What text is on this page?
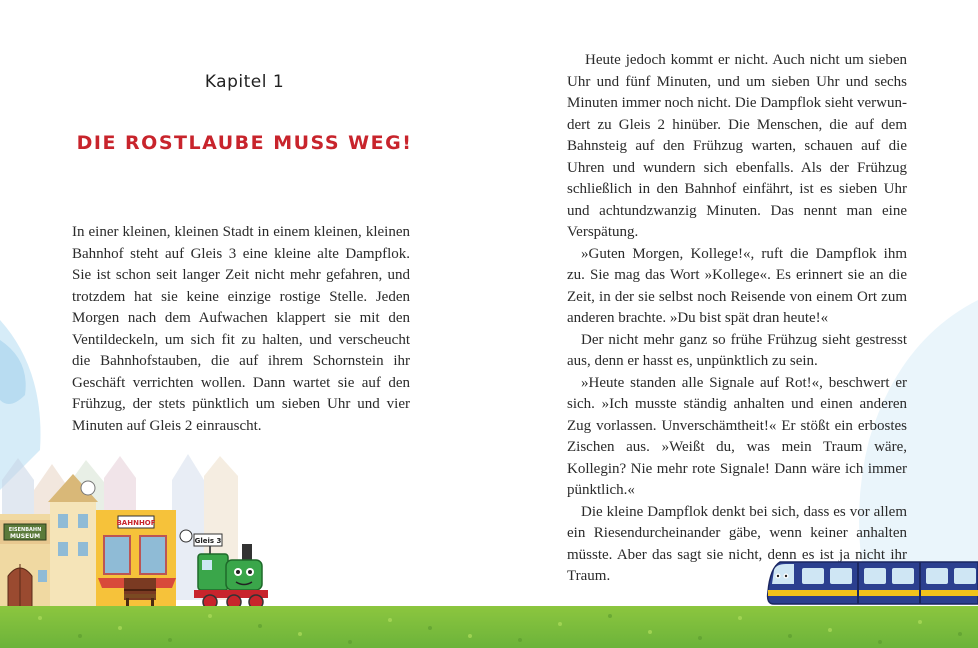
Kapitel 1
DIE ROSTLAUBE MUSS WEG!

In einer kleinen, kleinen Stadt in einem kleinen, kleinen Bahnhof steht auf Gleis 3 eine kleine alte Dampflok. Sie ist schon seit langer Zeit nicht mehr gefahren, und trotzdem hat sie keine einzige rostige Stelle. Jeden Morgen nach dem Aufwachen klappert sie mit den Ventildeckeln, um sich fit zu halten, und verscheucht die Bahnhofstauben, die auf ihrem Schornstein ihr Geschäft verrichten wollen. Dann wartet sie auf den Frühzug, der stets pünktlich um sieben Uhr und vier Minuten auf Gleis 2 einrauscht.

EISENBAHN
MUSEUM
BAHNHOF
Gleis 3

Heute jedoch kommt er nicht. Auch nicht um sieben Uhr und fünf Minuten, und um sieben Uhr und sechs Minuten immer noch nicht. Die Dampflok sieht verwundert zu Gleis 2 hinüber. Die Menschen, die auf dem Bahnsteig auf den Frühzug warten, schauen auf die Uhren und wundern sich ebenfalls. Als der Frühzug schließlich in den Bahnhof einfährt, ist es sieben Uhr und achtundzwanzig Minuten. Das nennt man eine Verspätung.

»Guten Morgen, Kollege!«, ruft die Dampflok ihm zu. Sie mag das Wort »Kollege«. Es erinnert sie an die Zeit, in der sie selbst noch Reisende von einem Ort zum anderen brachte. »Du bist spät dran heute!«

Der nicht mehr ganz so frühe Frühzug sieht gestresst aus, denn er hasst es, unpünktlich zu sein.

»Heute standen alle Signale auf Rot!«, beschwert er sich. »Ich musste ständig anhalten und einen anderen Zug vorlassen. Unverschämtheit!« Er stößt ein erbostes Zischen aus. »Weißt du, was mein Traum wäre, Kollegin? Nie mehr rote Signale! Dann wäre ich immer pünktlich.«

Die kleine Dampflok denkt bei sich, dass es vor allem ein Riesendurcheinander gäbe, wenn keiner anhalten müsste. Aber das sagt sie nicht, denn es ist ja nicht ihr Traum.
